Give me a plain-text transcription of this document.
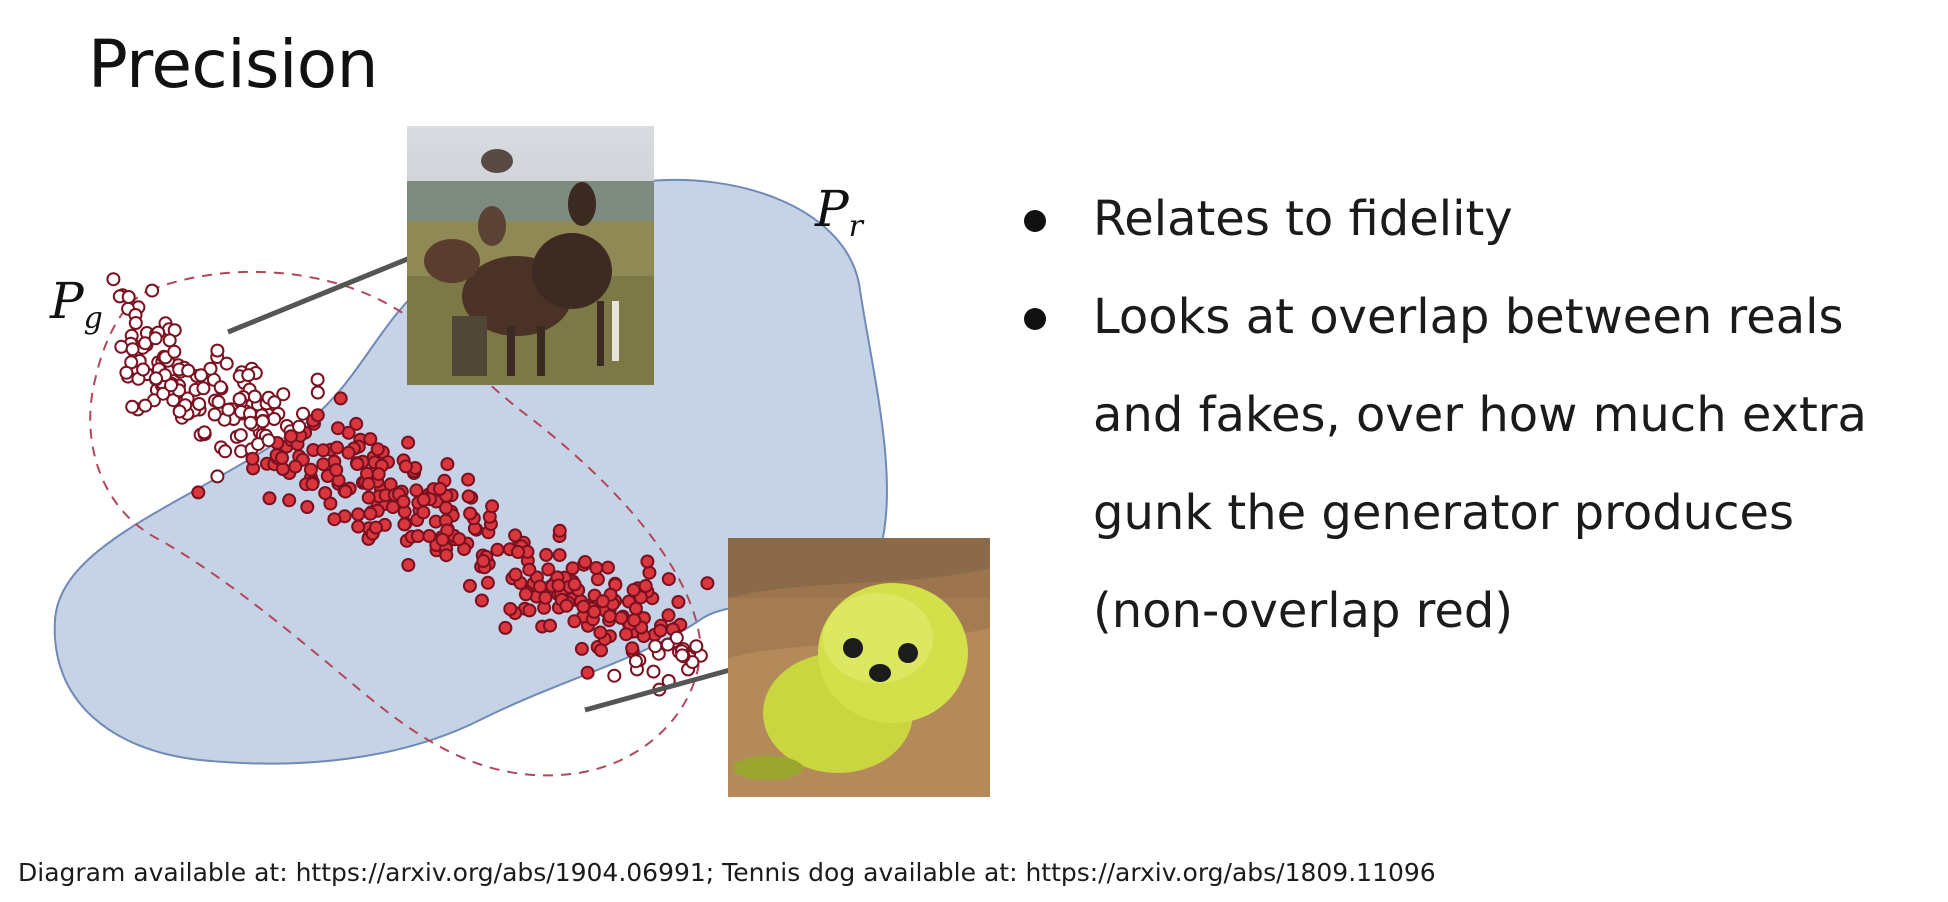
Precision
$P_r$
$P_g$
Relates to fidelity
Looks at overlap between reals and fakes, over how much extra gunk the generator produces (non-overlap red)
Diagram available at: https://arxiv.org/abs/1904.06991; Tennis dog available at: https://arxiv.org/abs/1809.11096
